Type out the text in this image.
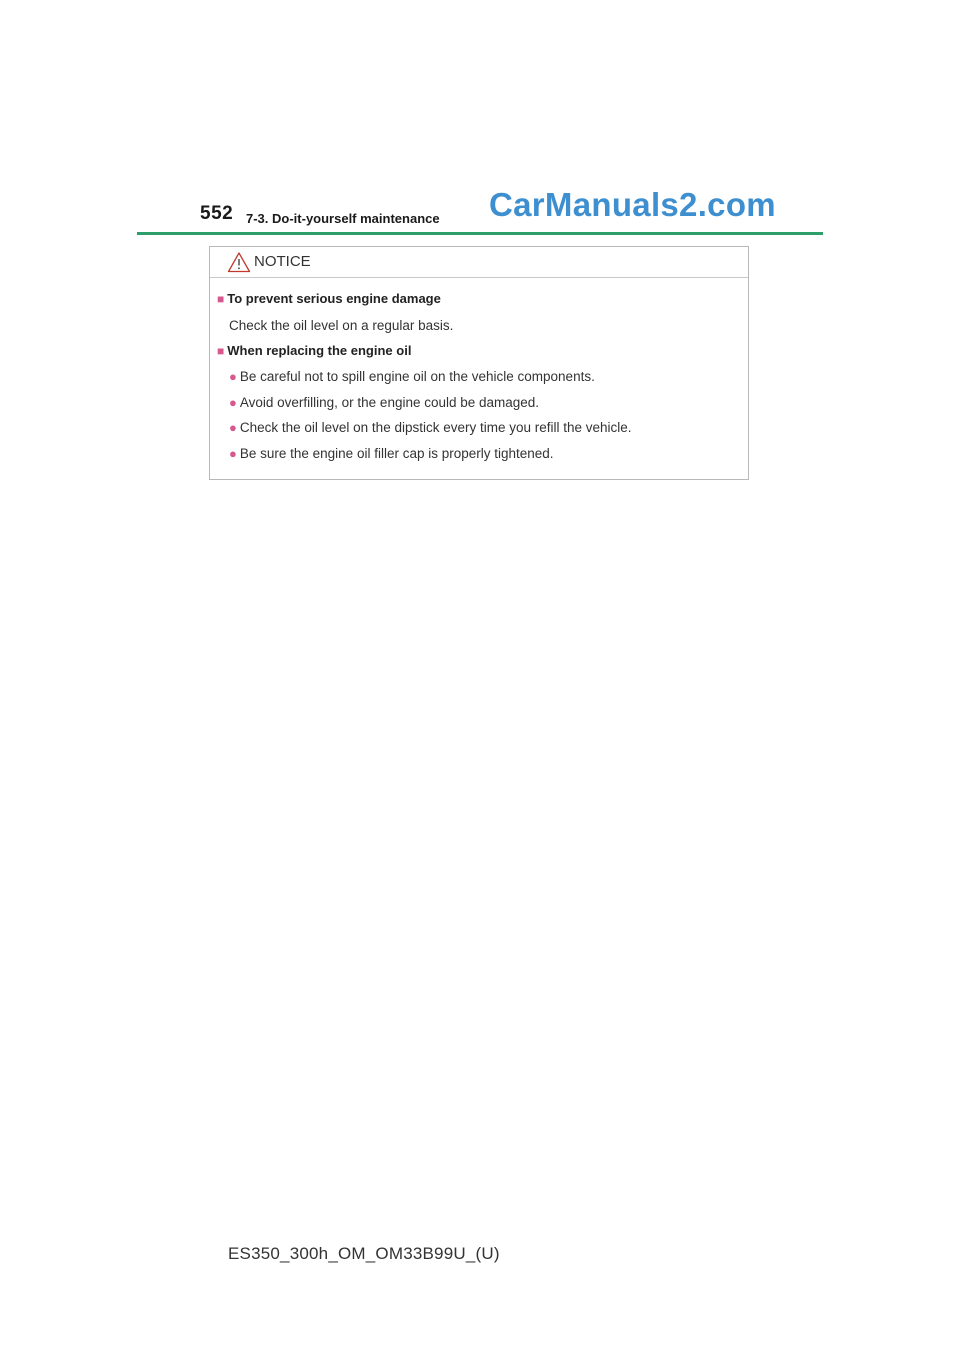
552 7-3. Do-it-yourself maintenance CarManuals2.com
NOTICE
■ To prevent serious engine damage
Check the oil level on a regular basis.
■ When replacing the engine oil
● Be careful not to spill engine oil on the vehicle components.
● Avoid overfilling, or the engine could be damaged.
● Check the oil level on the dipstick every time you refill the vehicle.
● Be sure the engine oil filler cap is properly tightened.
ES350_300h_OM_OM33B99U_(U)
